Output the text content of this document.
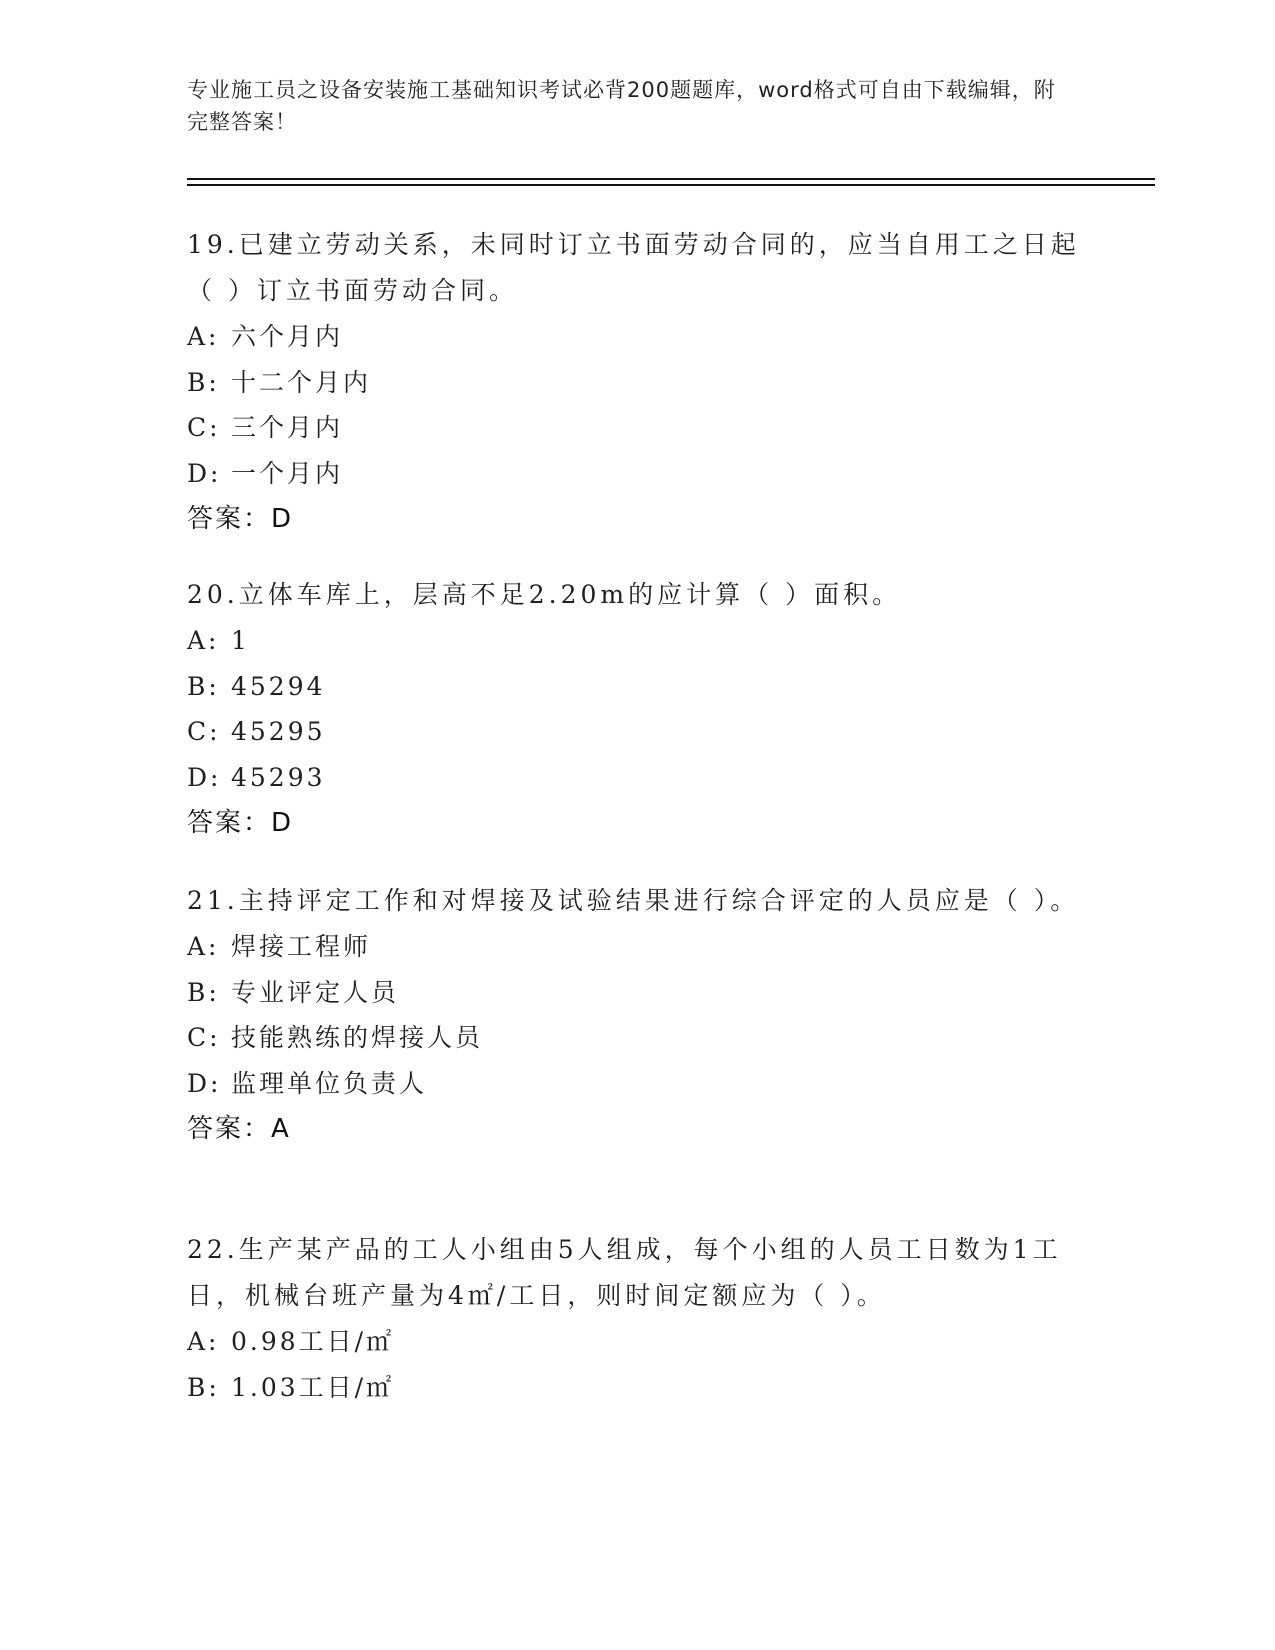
专业施工员之设备安装施工基础知识考试必背200题题库，word格式可自由下载编辑，附完整答案！
19.已建立劳动关系，未同时订立书面劳动合同的，应当自用工之日起（ ）订立书面劳动合同。
A: 六个月内
B: 十二个月内
C: 三个月内
D: 一个月内
答案：D
20.立体车库上，层高不足2.20m的应计算（ ）面积。
A: 1
B: 45294
C: 45295
D: 45293
答案：D
21.主持评定工作和对焊接及试验结果进行综合评定的人员应是（ ）。
A: 焊接工程师
B: 专业评定人员
C: 技能熟练的焊接人员
D: 监理单位负责人
答案：A
22.生产某产品的工人小组由5人组成，每个小组的人员工日数为1工日，机械台班产量为4㎡/工日，则时间定额应为（ ）。
A: 0.98工日/㎡
B: 1.03工日/㎡
